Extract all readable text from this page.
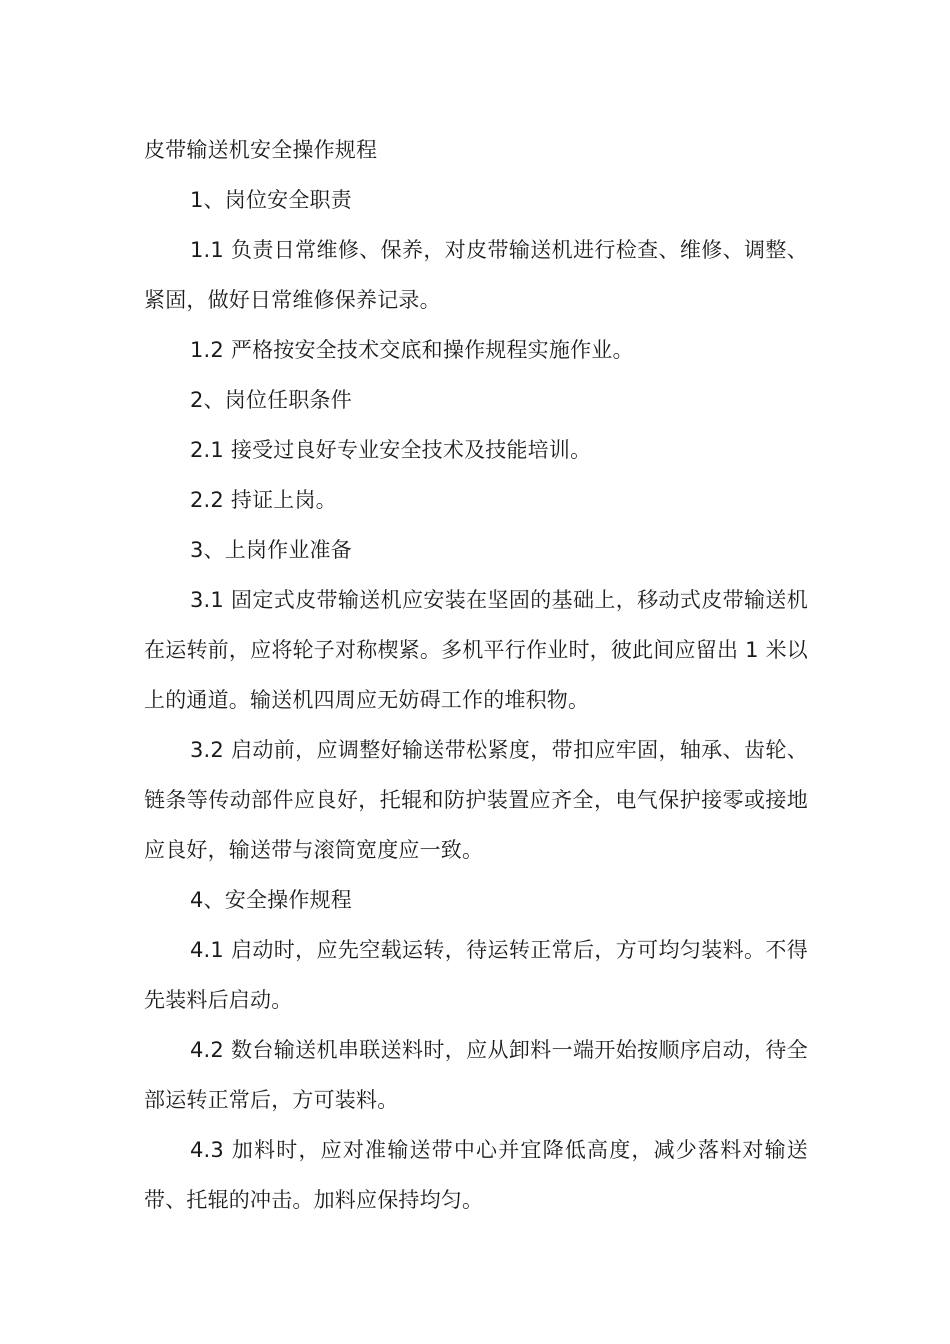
皮带输送机安全操作规程
1、岗位安全职责

1.1 负责日常维修、保养，对皮带输送机进行检查、维修、调整、紧固，做好日常维修保养记录。

1.2 严格按安全技术交底和操作规程实施作业。
2、岗位任职条件
2.1 接受过良好专业安全技术及技能培训。
2.2 持证上岗。
3、上岗作业准备

3.1 固定式皮带输送机应安装在坚固的基础上，移动式皮带输送机在运转前，应将轮子对称楔紧。多机平行作业时，彼此间应留出 1 米以上的通道。输送机四周应无妨碍工作的堆积物。

3.2 启动前，应调整好输送带松紧度，带扣应牢固，轴承、齿轮、链条等传动部件应良好，托辊和防护装置应齐全，电气保护接零或接地应良好，输送带与滚筒宽度应一致。

4、安全操作规程

4.1 启动时，应先空载运转，待运转正常后，方可均匀装料。不得先装料后启动。

4.2 数台输送机串联送料时，应从卸料一端开始按顺序启动，待全部运转正常后，方可装料。

4.3 加料时，应对准输送带中心并宜降低高度，减少落料对输送带、托辊的冲击。加料应保持均匀。
